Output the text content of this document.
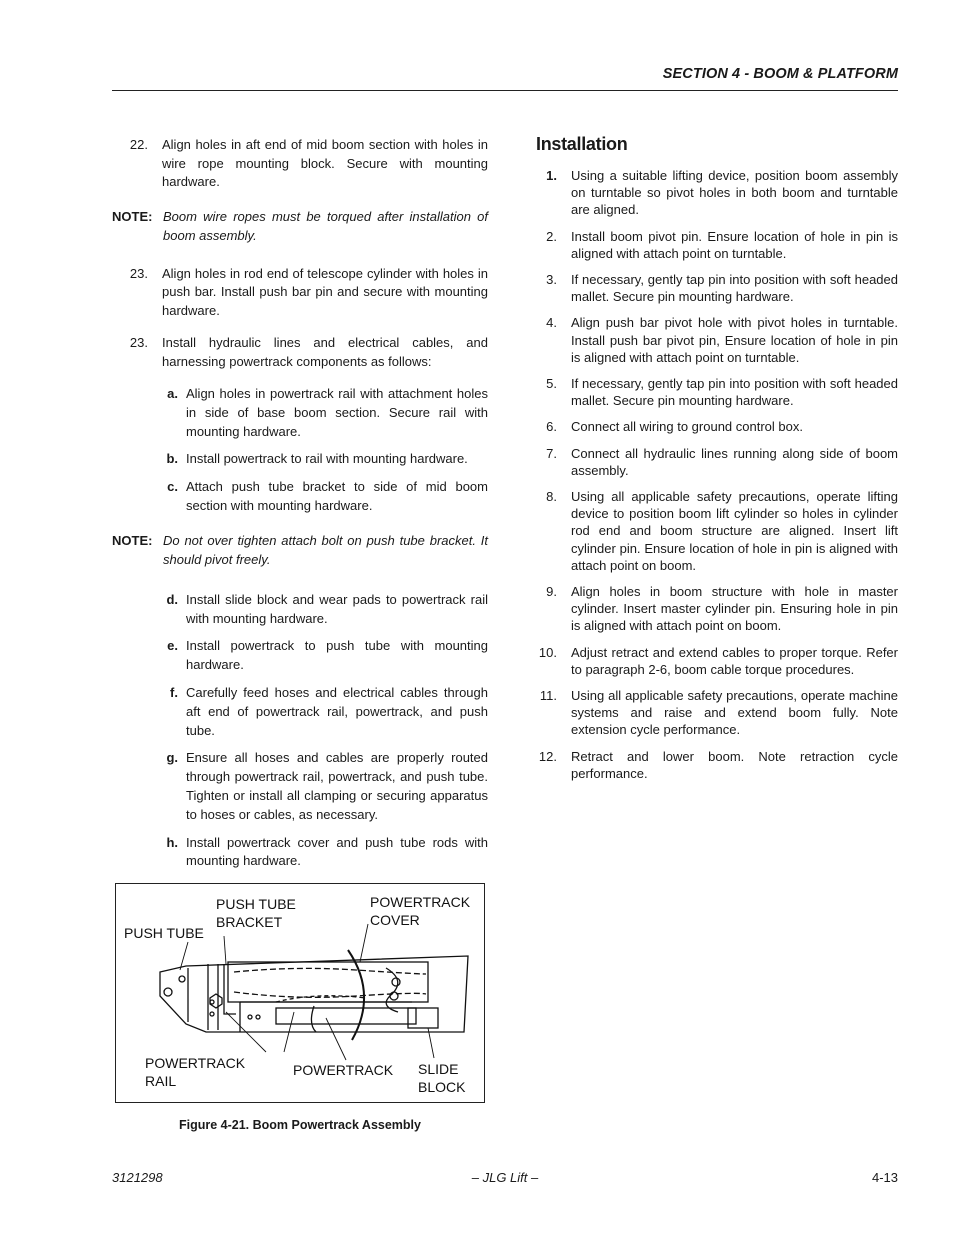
SECTION 4 - BOOM & PLATFORM
22. Align holes in aft end of mid boom section with holes in wire rope mounting block. Secure with mounting hardware.
NOTE: Boom wire ropes must be torqued after installation of boom assembly.
23. Align holes in rod end of telescope cylinder with holes in push bar. Install push bar pin and secure with mounting hardware.
23. Install hydraulic lines and electrical cables, and harnessing powertrack components as follows:
a. Align holes in powertrack rail with attachment holes in side of base boom section. Secure rail with mounting hardware.
b. Install powertrack to rail with mounting hardware.
c. Attach push tube bracket to side of mid boom section with mounting hardware.
NOTE: Do not over tighten attach bolt on push tube bracket. It should pivot freely.
d. Install slide block and wear pads to powertrack rail with mounting hardware.
e. Install powertrack to push tube with mounting hardware.
f. Carefully feed hoses and electrical cables through aft end of powertrack rail, powertrack, and push tube.
g. Ensure all hoses and cables are properly routed through powertrack rail, powertrack, and push tube. Tighten or install all clamping or securing apparatus to hoses or cables, as necessary.
h. Install powertrack cover and push tube rods with mounting hardware.
PUSH TUBE
PUSH TUBE
BRACKET
POWERTRACK
COVER
POWERTRACK
RAIL
POWERTRACK SLIDE
BLOCK
Figure 4-21. Boom Powertrack Assembly
Installation
1. Using a suitable lifting device, position boom assembly on turntable so pivot holes in both boom and turntable are aligned.
2. Install boom pivot pin. Ensure location of hole in pin is aligned with attach point on turntable.
3. If necessary, gently tap pin into position with soft headed mallet. Secure pin mounting hardware.
4. Align push bar pivot hole with pivot holes in turntable. Install push bar pivot pin, Ensure location of hole in pin is aligned with attach point on turntable.
5. If necessary, gently tap pin into position with soft headed mallet. Secure pin mounting hardware.
6. Connect all wiring to ground control box.
7. Connect all hydraulic lines running along side of boom assembly.
8. Using all applicable safety precautions, operate lifting device to position boom lift cylinder so holes in cylinder rod end and boom structure are aligned. Insert lift cylinder pin. Ensure location of hole in pin is aligned with attach point on boom.
9. Align holes in boom structure with hole in master cylinder. Insert master cylinder pin. Ensuring hole in pin is aligned with attach point on boom.
10. Adjust retract and extend cables to proper torque. Refer to paragraph 2-6, boom cable torque procedures.
11. Using all applicable safety precautions, operate machine systems and raise and extend boom fully. Note extension cycle performance.
12. Retract and lower boom. Note retraction cycle performance.
3121298	– JLG Lift –	4-13
